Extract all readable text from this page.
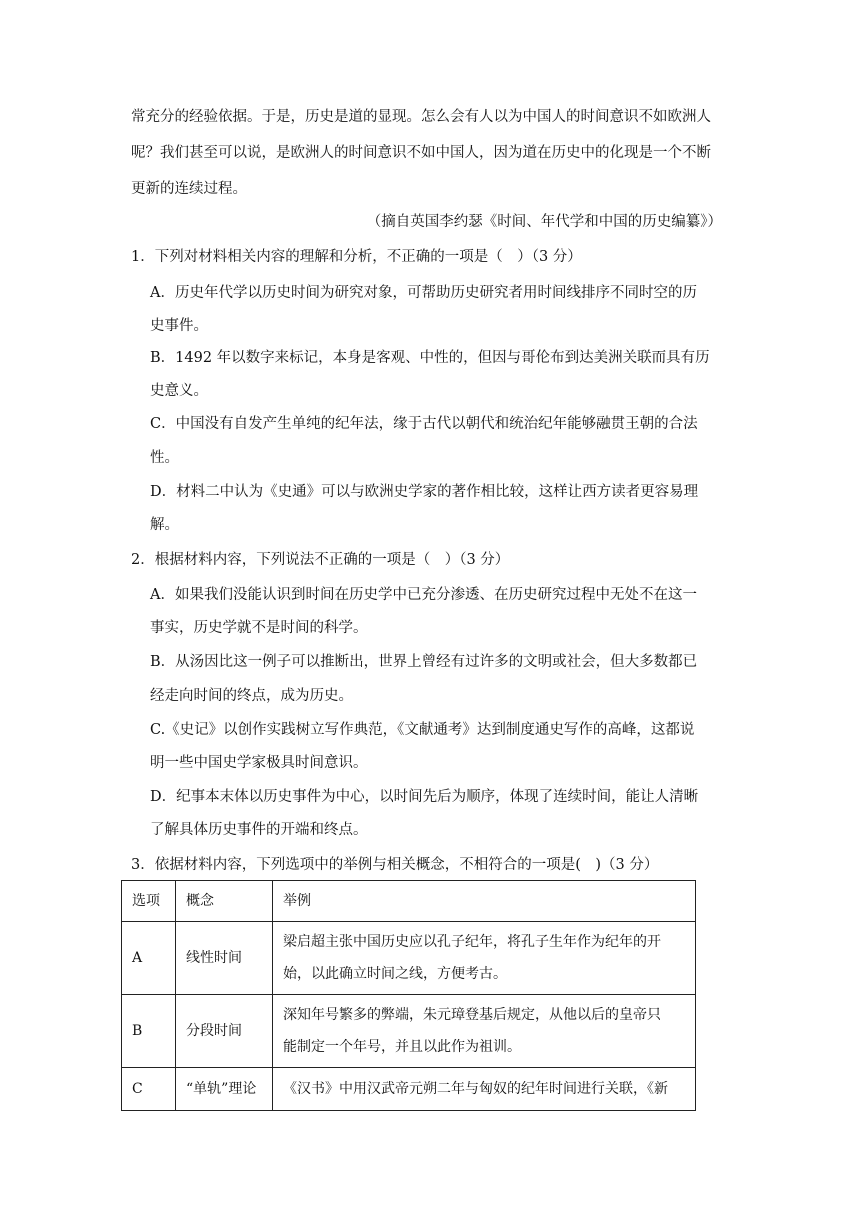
常充分的经验依据。于是，历史是道的显现。怎么会有人以为中国人的时间意识不如欧洲人
呢？我们甚至可以说，是欧洲人的时间意识不如中国人，因为道在历史中的化现是一个不断
更新的连续过程。
（摘自英国李约瑟《时间、年代学和中国的历史编纂》）
1．下列对材料相关内容的理解和分析，不正确的一项是（　）（3 分）
A．历史年代学以历史时间为研究对象，可帮助历史研究者用时间线排序不同时空的历
史事件。
B．1492 年以数字来标记，本身是客观、中性的，但因与哥伦布到达美洲关联而具有历
史意义。
C．中国没有自发产生单纯的纪年法，缘于古代以朝代和统治纪年能够融贯王朝的合法
性。
D．材料二中认为《史通》可以与欧洲史学家的著作相比较，这样让西方读者更容易理
解。
2．根据材料内容，下列说法不正确的一项是（　）（3 分）
A．如果我们没能认识到时间在历史学中已充分渗透、在历史研究过程中无处不在这一
事实，历史学就不是时间的科学。
B．从汤因比这一例子可以推断出，世界上曾经有过许多的文明或社会，但大多数都已
经走向时间的终点，成为历史。
C.《史记》以创作实践树立写作典范，《文献通考》达到制度通史写作的高峰，这都说
明一些中国史学家极具时间意识。
D．纪事本末体以历史事件为中心，以时间先后为顺序，体现了连续时间，能让人清晰
了解具体历史事件的开端和终点。
3．依据材料内容，下列选项中的举例与相关概念，不相符合的一项是(　)（3 分）
选项	概念	举例
A	线性时间	梁启超主张中国历史应以孔子纪年，将孔子生年作为纪年的开
始，以此确立时间之线，方便考古。

B	分段时间	深知年号繁多的弊端，朱元璋登基后规定，从他以后的皇帝只
能制定一个年号，并且以此作为祖训。

C	“单轨”理论	《汉书》中用汉武帝元朔二年与匈奴的纪年时间进行关联，《新
